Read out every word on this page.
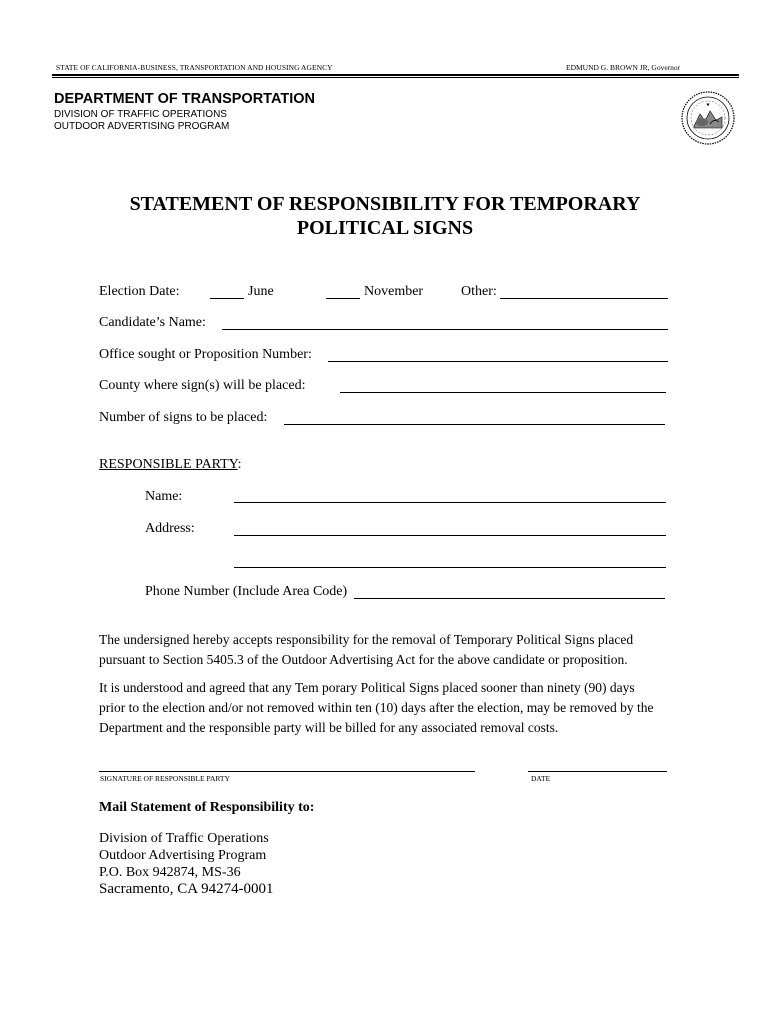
STATE OF CALIFORNIA-BUSINESS, TRANSPORTATION AND HOUSING AGENCY	EDMUND G. BROWN JR, Governor
DEPARTMENT OF TRANSPORTATION
DIVISION OF TRAFFIC OPERATIONS
OUTDOOR ADVERTISING PROGRAM
★
STATEMENT OF RESPONSIBILITY FOR TEMPORARY
POLITICAL SIGNS
Election Date:	June	November	Other:
Candidate’s Name:
Office sought or Proposition Number:
County where sign(s) will be placed:
Number of signs to be placed:
RESPONSIBLE PARTY:
Name:
Address:
Phone Number (Include Area Code)
The undersigned hereby accepts responsibility for the removal of Temporary Political Signs placed
pursuant to Section 5405.3 of the Outdoor Advertising Act for the above candidate or proposition.
It is understood and agreed that any Tem porary Political Signs placed sooner than ninety (90) days
prior to the election and/or not removed within ten (10) days after the election, may be removed by the
Department and the responsible party will be billed for any associated removal costs.
SIGNATURE OF RESPONSIBLE PARTY	DATE
Mail Statement of Responsibility to:
Division of Traffic Operations
Outdoor Advertising Program
P.O. Box 942874, MS-36
Sacramento, CA 94274-0001
